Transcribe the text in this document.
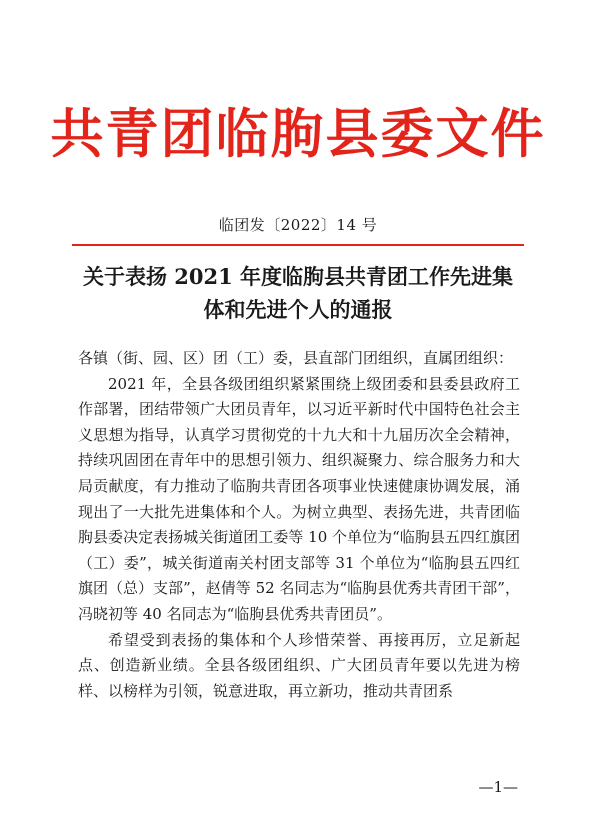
共青团临朐县委文件
临团发〔2022〕14 号
关于表扬 2021 年度临朐县共青团工作先进集
体和先进个人的通报

各镇（街、园、区）团（工）委，县直部门团组织，直属团组织：

2021 年，全县各级团组织紧紧围绕上级团委和县委县政府工作部署，团结带领广大团员青年，以习近平新时代中国特色社会主义思想为指导，认真学习贯彻党的十九大和十九届历次全会精神，持续巩固团在青年中的思想引领力、组织凝聚力、综合服务力和大局贡献度，有力推动了临朐共青团各项事业快速健康协调发展，涌现出了一大批先进集体和个人。为树立典型、表扬先进，共青团临朐县委决定表扬城关街道团工委等 10 个单位为“临朐县五四红旗团（工）委”，城关街道南关村团支部等 31 个单位为“临朐县五四红旗团（总）支部”，赵倩等 52 名同志为“临朐县优秀共青团干部”，冯晓初等 40 名同志为“临朐县优秀共青团员”。

希望受到表扬的集体和个人珍惜荣誉、再接再厉，立足新起点、创造新业绩。全县各级团组织、广大团员青年要以先进为榜样、以榜样为引领，锐意进取，再立新功，推动共青团系

—1—
